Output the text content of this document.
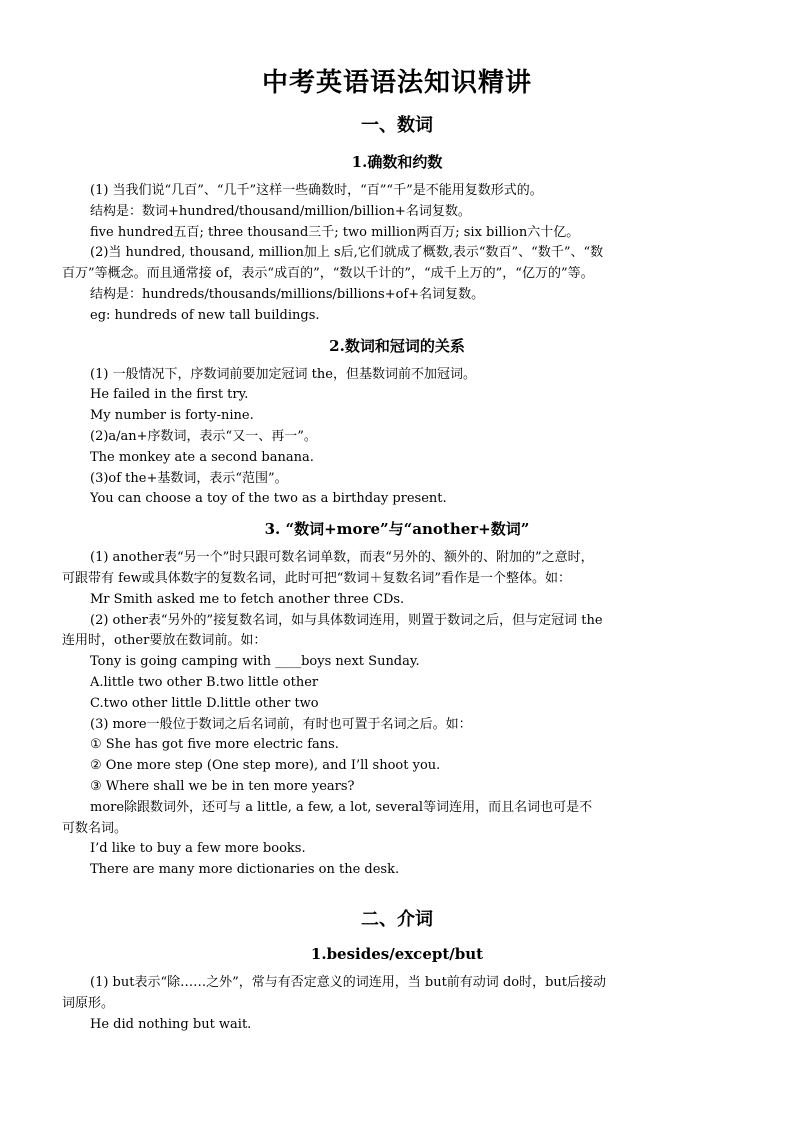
中考英语语法知识精讲
一、数词
1.确数和约数

(1) 当我们说“几百”、“几千”这样一些确数时，“百”“千”是不能用复数形式的。

结构是：数词+hundred/thousand/million/billion+名词复数。

five hundred五百; three thousand三千; two million两百万; six billion六十亿。

(2)当 hundred, thousand, million加上 s后,它们就成了概数,表示“数百”、“数千”、“数

百万”等概念。而且通常接 of，表示“成百的”，“数以千计的”，“成千上万的”，“亿万的”等。

结构是：hundreds/thousands/millions/billions+of+名词复数。

eg: hundreds of new tall buildings.

2.数词和冠词的关系

(1) 一般情况下，序数词前要加定冠词 the，但基数词前不加冠词。

He failed in the first try.

My number is forty-nine.

(2)a/an+序数词，表示“又一、再一”。

The monkey ate a second banana.

(3)of the+基数词，表示“范围”。

You can choose a toy of the two as a birthday present.

3. “数词+more”与“another+数词”

(1) another表“另一个”时只跟可数名词单数，而表“另外的、额外的、附加的”之意时，

可跟带有 few或具体数字的复数名词，此时可把“数词＋复数名词”看作是一个整体。如：

Mr Smith asked me to fetch another three CDs.

(2) other表“另外的”接复数名词，如与具体数词连用，则置于数词之后，但与定冠词 the

连用时，other要放在数词前。如：

Tony is going camping with ____boys next Sunday.

A.little two other B.two little other

C.two other little D.little other two

(3) more一般位于数词之后名词前，有时也可置于名词之后。如：

① She has got five more electric fans.

② One more step (One step more), and I’ll shoot you.

③ Where shall we be in ten more years?

more除跟数词外，还可与 a little, a few, a lot, several等词连用，而且名词也可是不

可数名词。

I’d like to buy a few more books.

There are many more dictionaries on the desk.

二、介词
1.besides/except/but

(1) but表示“除……之外”，常与有否定意义的词连用，当 but前有动词 do时，but后接动

词原形。

He did nothing but wait.
